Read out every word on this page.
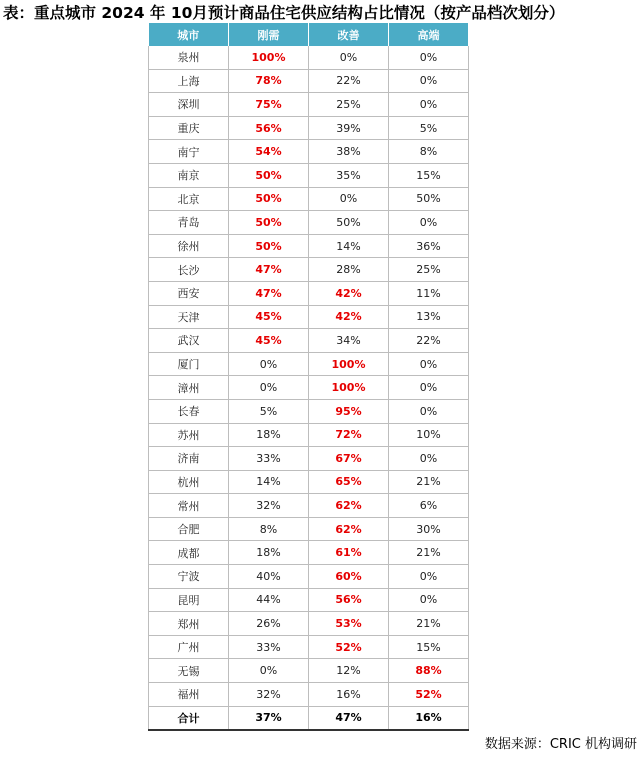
表：重点城市 2024 年 10月预计商品住宅供应结构占比情况（按产品档次划分）
城市	刚需	改善	高端
泉州	100%	0%	0%
上海	78%	22%	0%
深圳	75%	25%	0%
重庆	56%	39%	5%
南宁	54%	38%	8%
南京	50%	35%	15%
北京	50%	0%	50%
青岛	50%	50%	0%
徐州	50%	14%	36%
长沙	47%	28%	25%
西安	47%	42%	11%
天津	45%	42%	13%
武汉	45%	34%	22%
厦门	0%	100%	0%
漳州	0%	100%	0%
长春	5%	95%	0%
苏州	18%	72%	10%
济南	33%	67%	0%
杭州	14%	65%	21%
常州	32%	62%	6%
合肥	8%	62%	30%
成都	18%	61%	21%
宁波	40%	60%	0%
昆明	44%	56%	0%
郑州	26%	53%	21%
广州	33%	52%	15%
无锡	0%	12%	88%
福州	32%	16%	52%
合计	37%	47%	16%
数据来源：CRIC 机构调研
